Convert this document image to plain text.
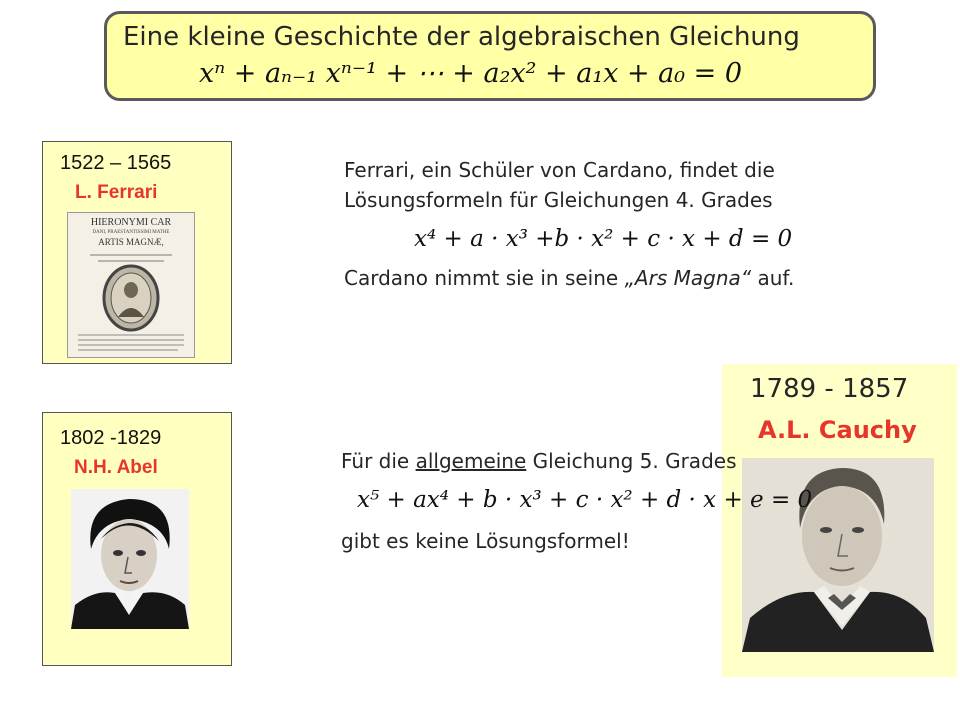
Eine kleine Geschichte der algebraischen Gleichung
xⁿ + aₙ₋₁ xⁿ⁻¹ + ⋯ + a₂x² + a₁x + a₀ = 0
1522 – 1565
L. Ferrari
HIERONYMI CAR
DANI, PRAESTANTISSIMI MATHE
ARTIS MAGNÆ,
1802 -1829
N.H. Abel
1789 - 1857
A.L. Cauchy
Ferrari, ein Schüler von Cardano, findet die
Lösungsformeln für Gleichungen 4. Grades
x⁴ + a · x³ +b · x² + c · x + d = 0
Cardano nimmt sie in seine „Ars Magna“ auf.
Für die allgemeine Gleichung 5. Grades
x⁵ + ax⁴ + b · x³ + c · x² + d · x + e = 0
gibt es keine Lösungsformel!
